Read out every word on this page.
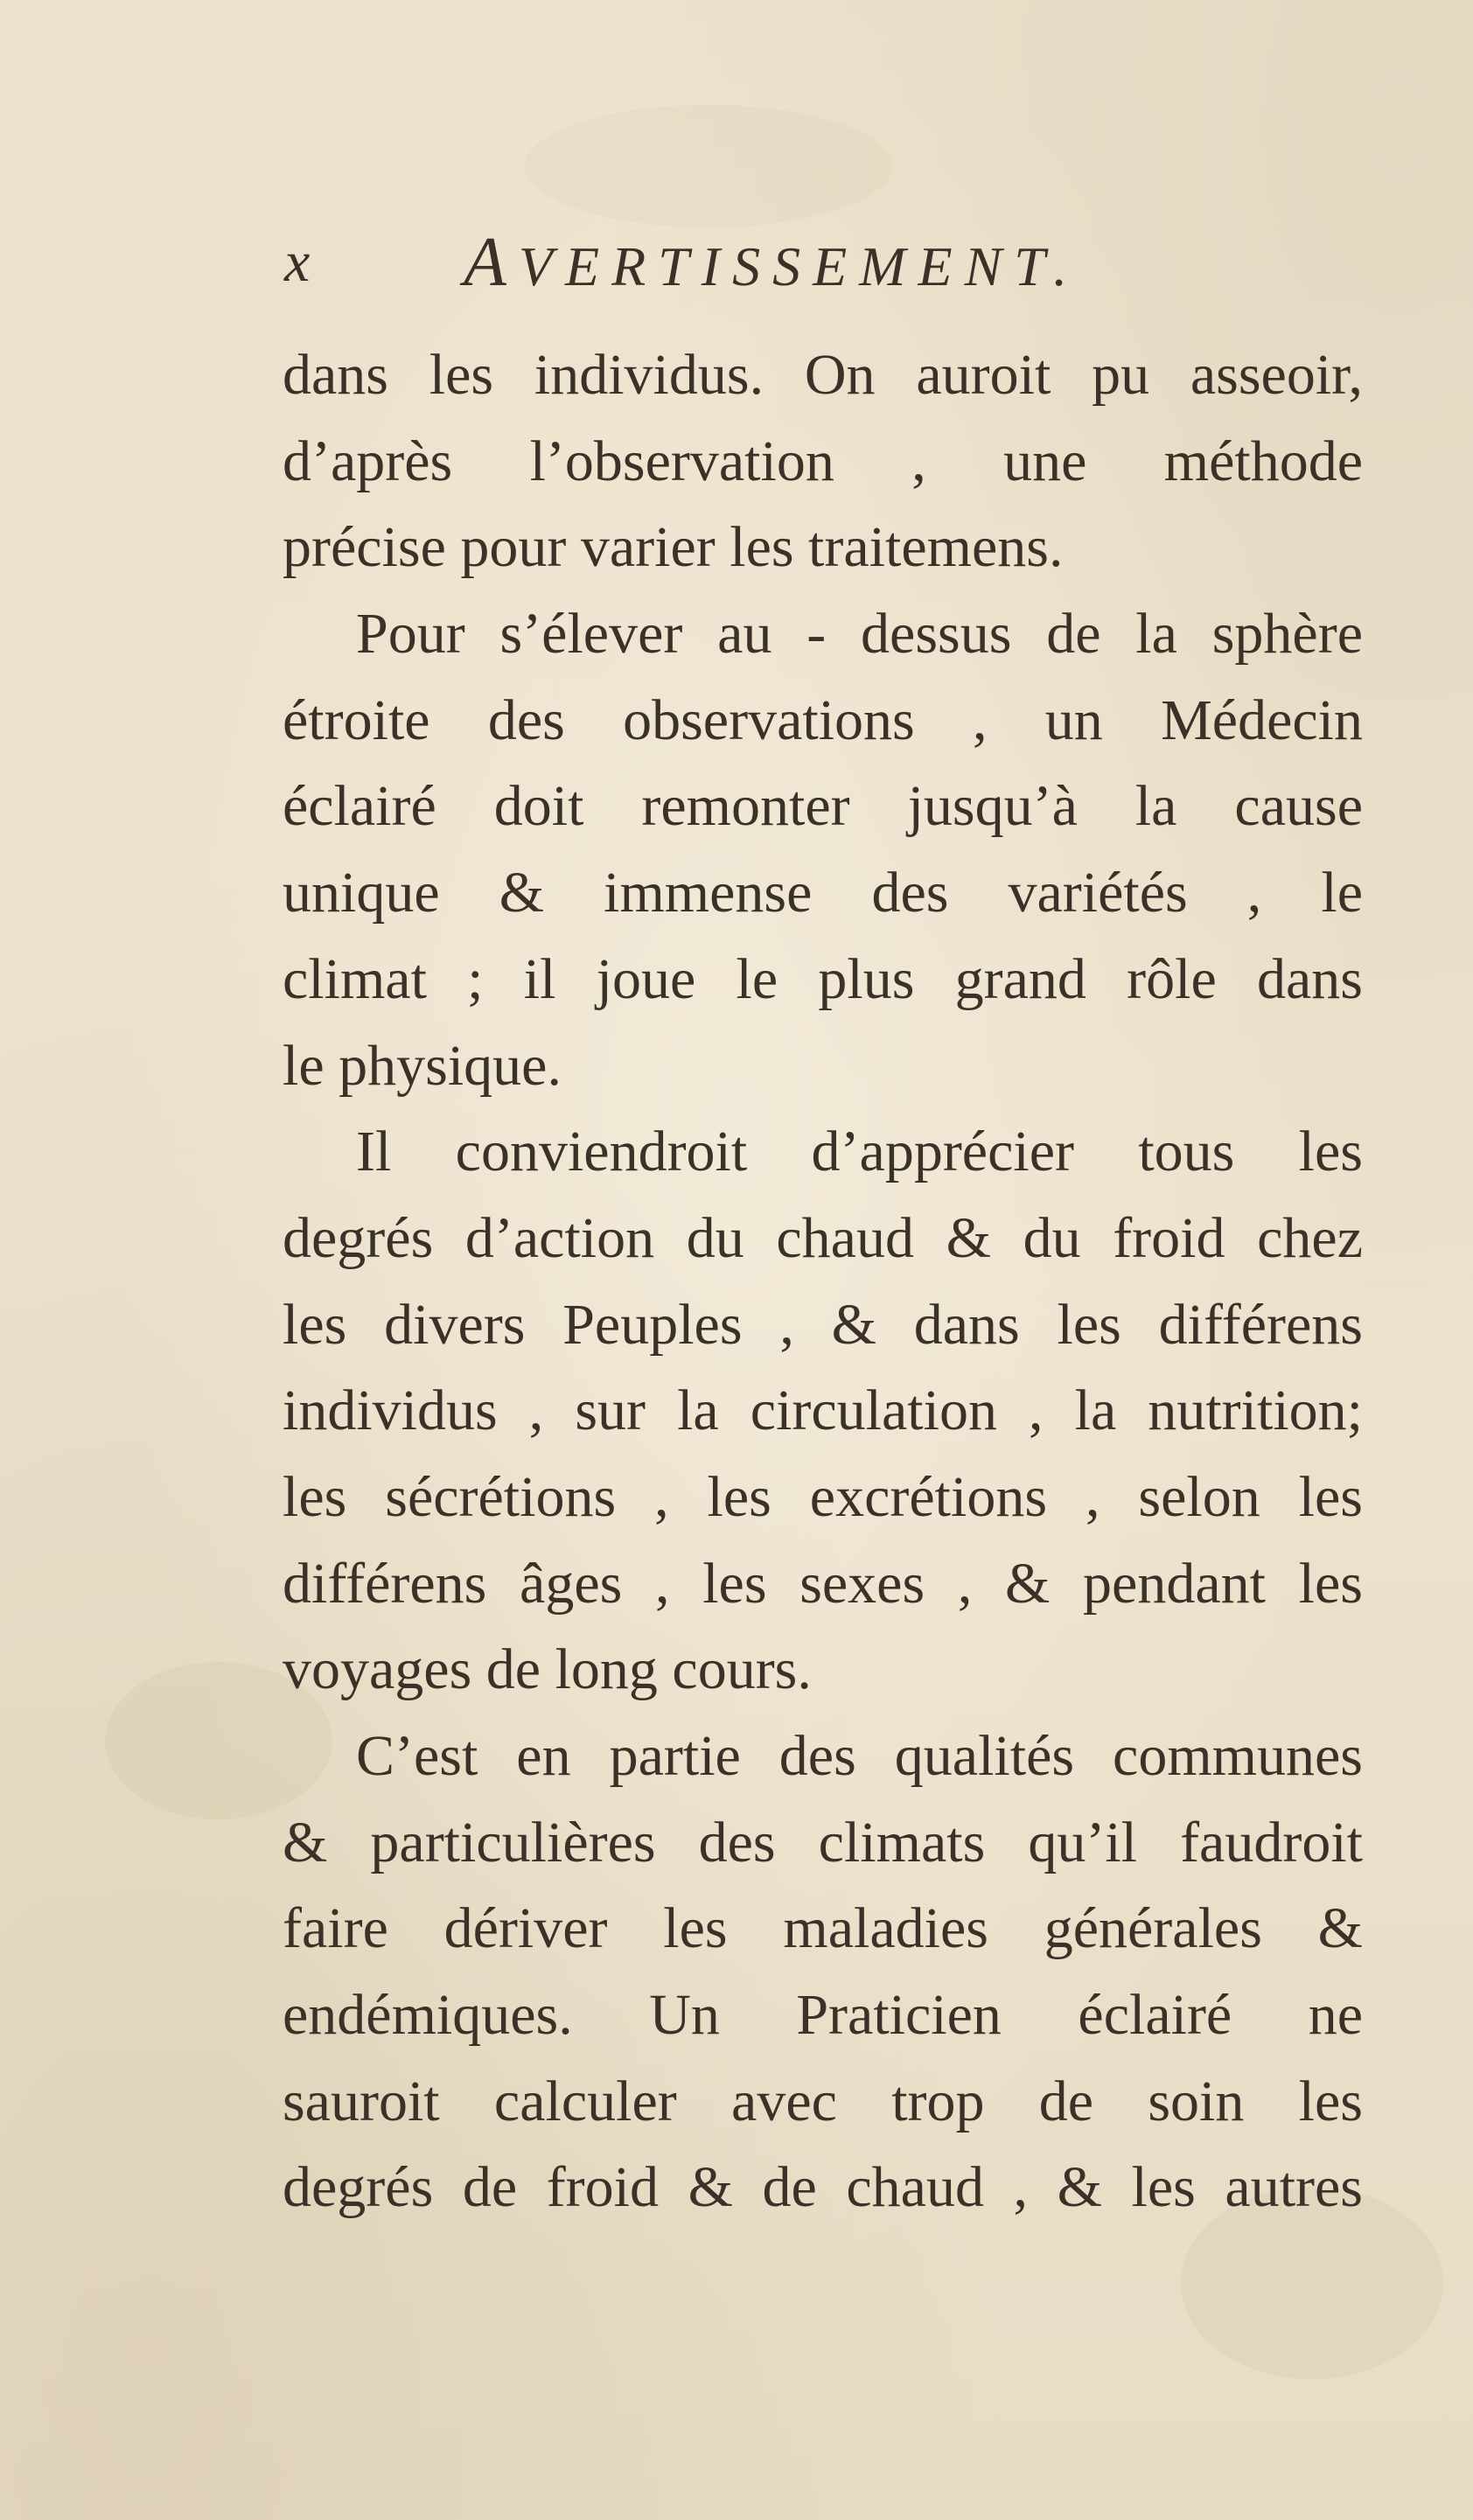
x AVERTISSEMENT.
dans les individus. On auroit pu asseoir,
d’après l’observation , une méthode
précise pour varier les traitemens.
Pour s’élever au - dessus de la sphère
étroite des observations , un Médecin
éclairé doit remonter jusqu’à la cause
unique & immense des variétés , le
climat ; il joue le plus grand rôle dans
le physique.
Il conviendroit d’apprécier tous les
degrés d’action du chaud & du froid chez
les divers Peuples , & dans les différens
individus , sur la circulation , la nutrition;
les sécrétions , les excrétions , selon les
différens âges , les sexes , & pendant les
voyages de long cours.
C’est en partie des qualités communes
& particulières des climats qu’il faudroit
faire dériver les maladies générales &
endémiques. Un Praticien éclairé ne
sauroit calculer avec trop de soin les
degrés de froid & de chaud , & les autres
